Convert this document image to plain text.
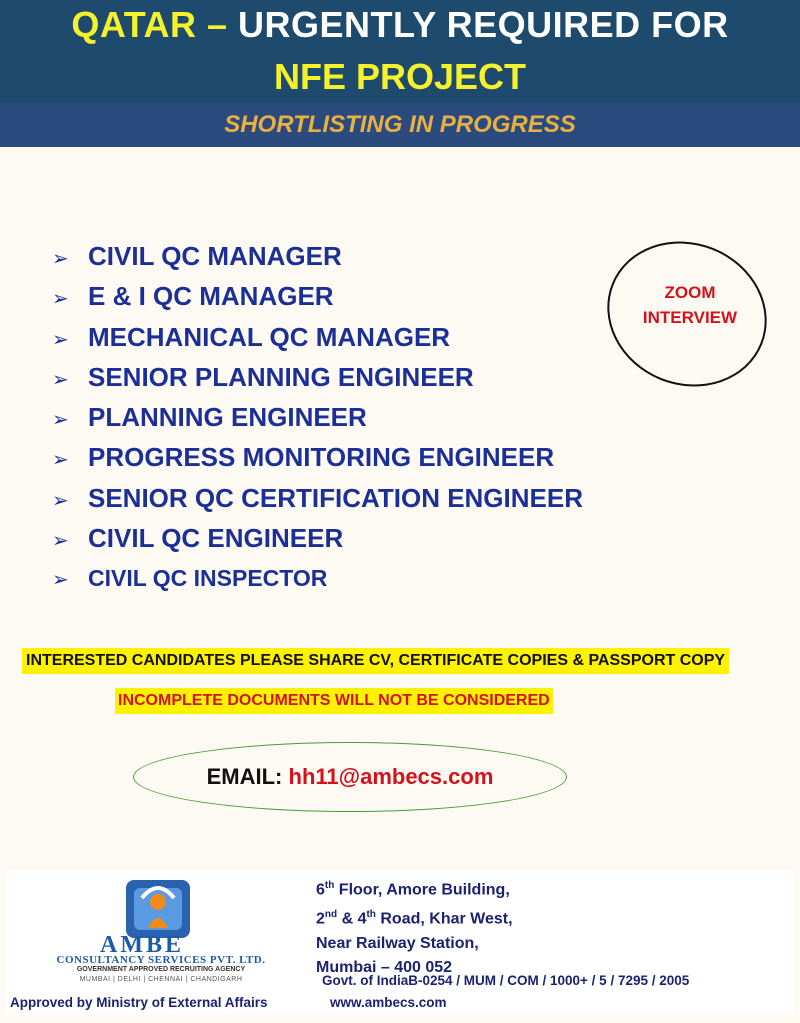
QATAR – URGENTLY REQUIRED FOR
NFE PROJECT
SHORTLISTING IN PROGRESS
➢ CIVIL QC MANAGER
➢ E & I QC MANAGER
➢ MECHANICAL QC MANAGER
➢ SENIOR PLANNING ENGINEER
➢ PLANNING ENGINEER
➢ PROGRESS MONITORING ENGINEER
➢ SENIOR QC CERTIFICATION ENGINEER
➢ CIVIL QC ENGINEER
➢ CIVIL QC INSPECTOR
ZOOM
INTERVIEW
INTERESTED CANDIDATES PLEASE SHARE CV, CERTIFICATE COPIES & PASSPORT COPY
INCOMPLETE DOCUMENTS WILL NOT BE CONSIDERED
EMAIL: hh11@ambecs.com
AMBE
CONSULTANCY SERVICES PVT. LTD.
GOVERNMENT APPROVED RECRUITING AGENCY
MUMBAI | DELHI | CHENNAI | CHANDIGARH
6th Floor, Amore Building,
2nd & 4th Road, Khar West,
Near Railway Station,
Mumbai – 400 052
Govt. of IndiaB-0254 / MUM / COM / 1000+ / 5 / 7295 / 2005
Approved by Ministry of External Affairs	www.ambecs.com
